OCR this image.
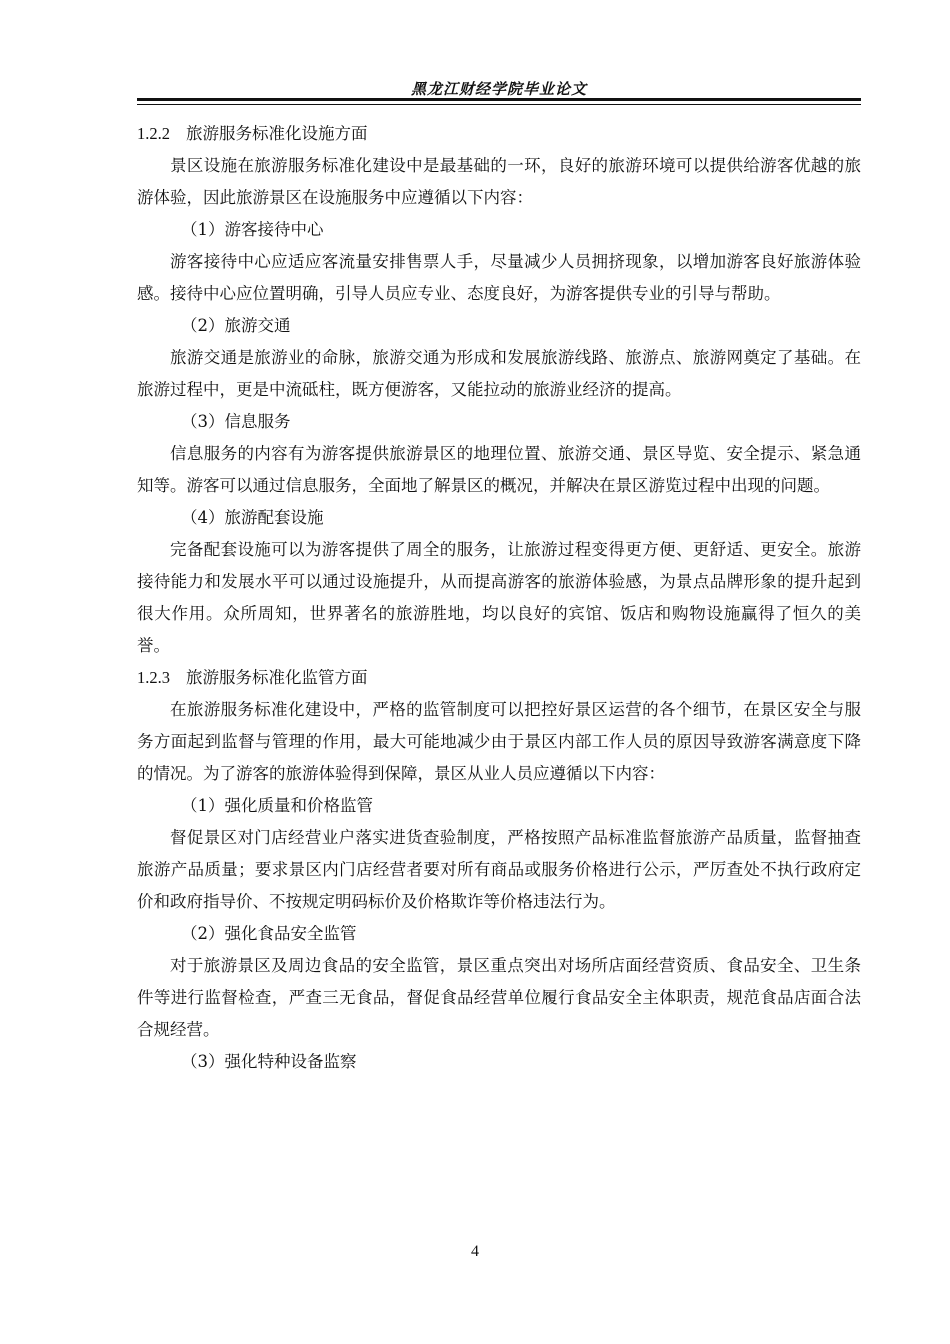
黑龙江财经学院毕业论文

1.2.2 旅游服务标准化设施方面

景区设施在旅游服务标准化建设中是最基础的一环，良好的旅游环境可以提供给游客优越的旅游体验，因此旅游景区在设施服务中应遵循以下内容：

（1）游客接待中心

游客接待中心应适应客流量安排售票人手，尽量减少人员拥挤现象，以增加游客良好旅游体验感。接待中心应位置明确，引导人员应专业、态度良好，为游客提供专业的引导与帮助。

（2）旅游交通

旅游交通是旅游业的命脉，旅游交通为形成和发展旅游线路、旅游点、旅游网奠定了基础。在旅游过程中，更是中流砥柱，既方便游客，又能拉动的旅游业经济的提高。

（3）信息服务

信息服务的内容有为游客提供旅游景区的地理位置、旅游交通、景区导览、安全提示、紧急通知等。游客可以通过信息服务，全面地了解景区的概况，并解决在景区游览过程中出现的问题。

（4）旅游配套设施

完备配套设施可以为游客提供了周全的服务，让旅游过程变得更方便、更舒适、更安全。旅游接待能力和发展水平可以通过设施提升，从而提高游客的旅游体验感，为景点品牌形象的提升起到很大作用。众所周知，世界著名的旅游胜地，均以良好的宾馆、饭店和购物设施赢得了恒久的美誉。

1.2.3 旅游服务标准化监管方面

在旅游服务标准化建设中，严格的监管制度可以把控好景区运营的各个细节，在景区安全与服务方面起到监督与管理的作用，最大可能地减少由于景区内部工作人员的原因导致游客满意度下降的情况。为了游客的旅游体验得到保障，景区从业人员应遵循以下内容：

（1）强化质量和价格监管

督促景区对门店经营业户落实进货查验制度，严格按照产品标准监督旅游产品质量，监督抽查旅游产品质量；要求景区内门店经营者要对所有商品或服务价格进行公示，严厉查处不执行政府定价和政府指导价、不按规定明码标价及价格欺诈等价格违法行为。

（2）强化食品安全监管

对于旅游景区及周边食品的安全监管，景区重点突出对场所店面经营资质、食品安全、卫生条件等进行监督检查，严查三无食品，督促食品经营单位履行食品安全主体职责，规范食品店面合法合规经营。

（3）强化特种设备监察

4
